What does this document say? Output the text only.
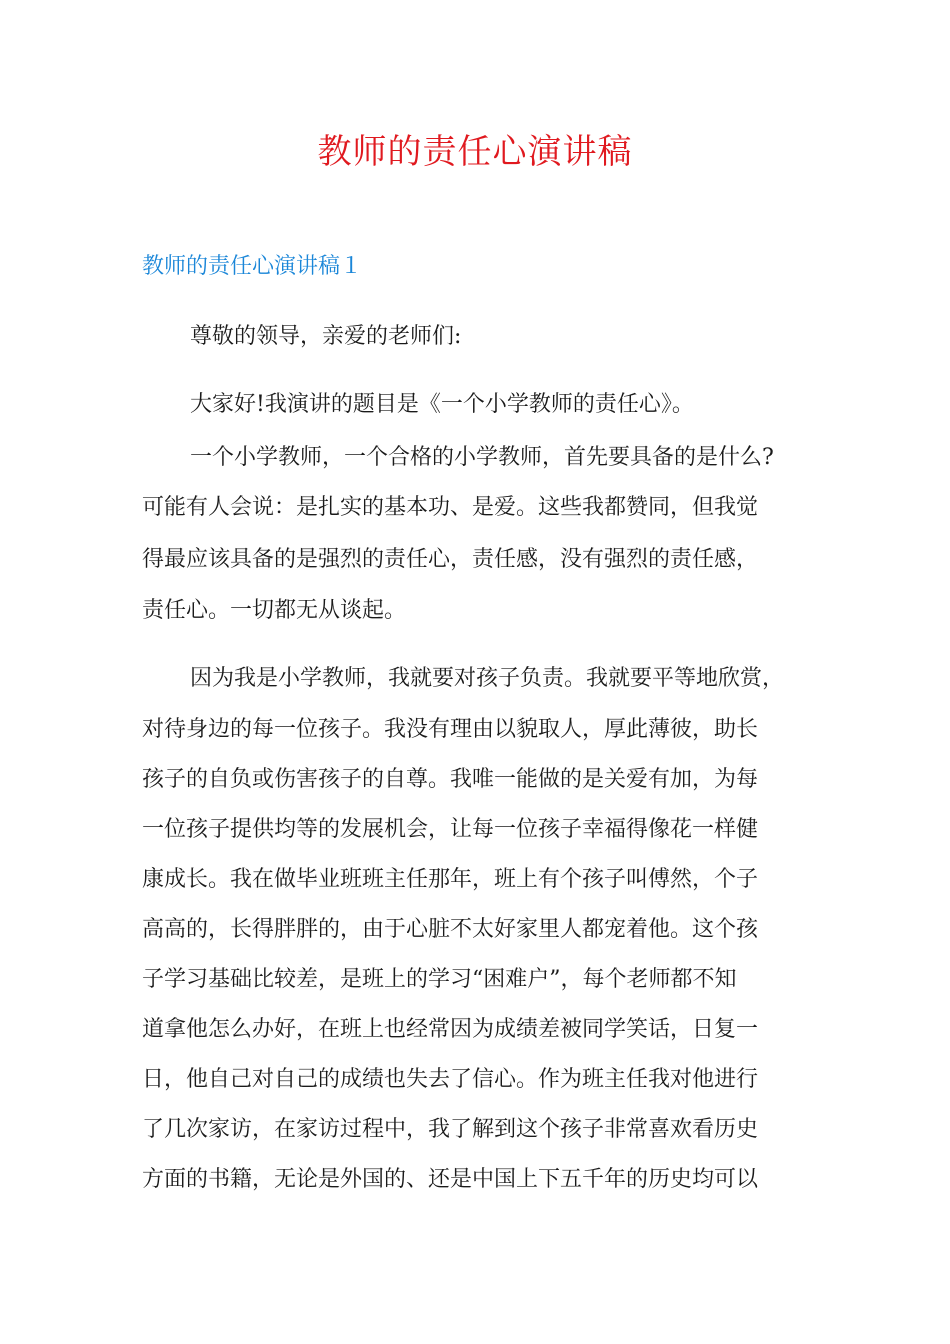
教师的责任心演讲稿
教师的责任心演讲稿１

尊敬的领导，亲爱的老师们:

大家好!我演讲的题目是《一个小学教师的责任心》。

一个小学教师，一个合格的小学教师，首先要具备的是什么?

可能有人会说：是扎实的基本功、是爱。这些我都赞同，但我觉

得最应该具备的是强烈的责任心，责任感，没有强烈的责任感，

责任心。一切都无从谈起。

因为我是小学教师，我就要对孩子负责。我就要平等地欣赏，

对待身边的每一位孩子。我没有理由以貌取人，厚此薄彼，助长

孩子的自负或伤害孩子的自尊。我唯一能做的是关爱有加，为每

一位孩子提供均等的发展机会，让每一位孩子幸福得像花一样健

康成长。我在做毕业班班主任那年，班上有个孩子叫傅然，个子

高高的，长得胖胖的，由于心脏不太好家里人都宠着他。这个孩

子学习基础比较差，是班上的学习“困难户”，每个老师都不知

道拿他怎么办好，在班上也经常因为成绩差被同学笑话，日复一

日，他自己对自己的成绩也失去了信心。作为班主任我对他进行

了几次家访，在家访过程中，我了解到这个孩子非常喜欢看历史

方面的书籍，无论是外国的、还是中国上下五千年的历史均可以
